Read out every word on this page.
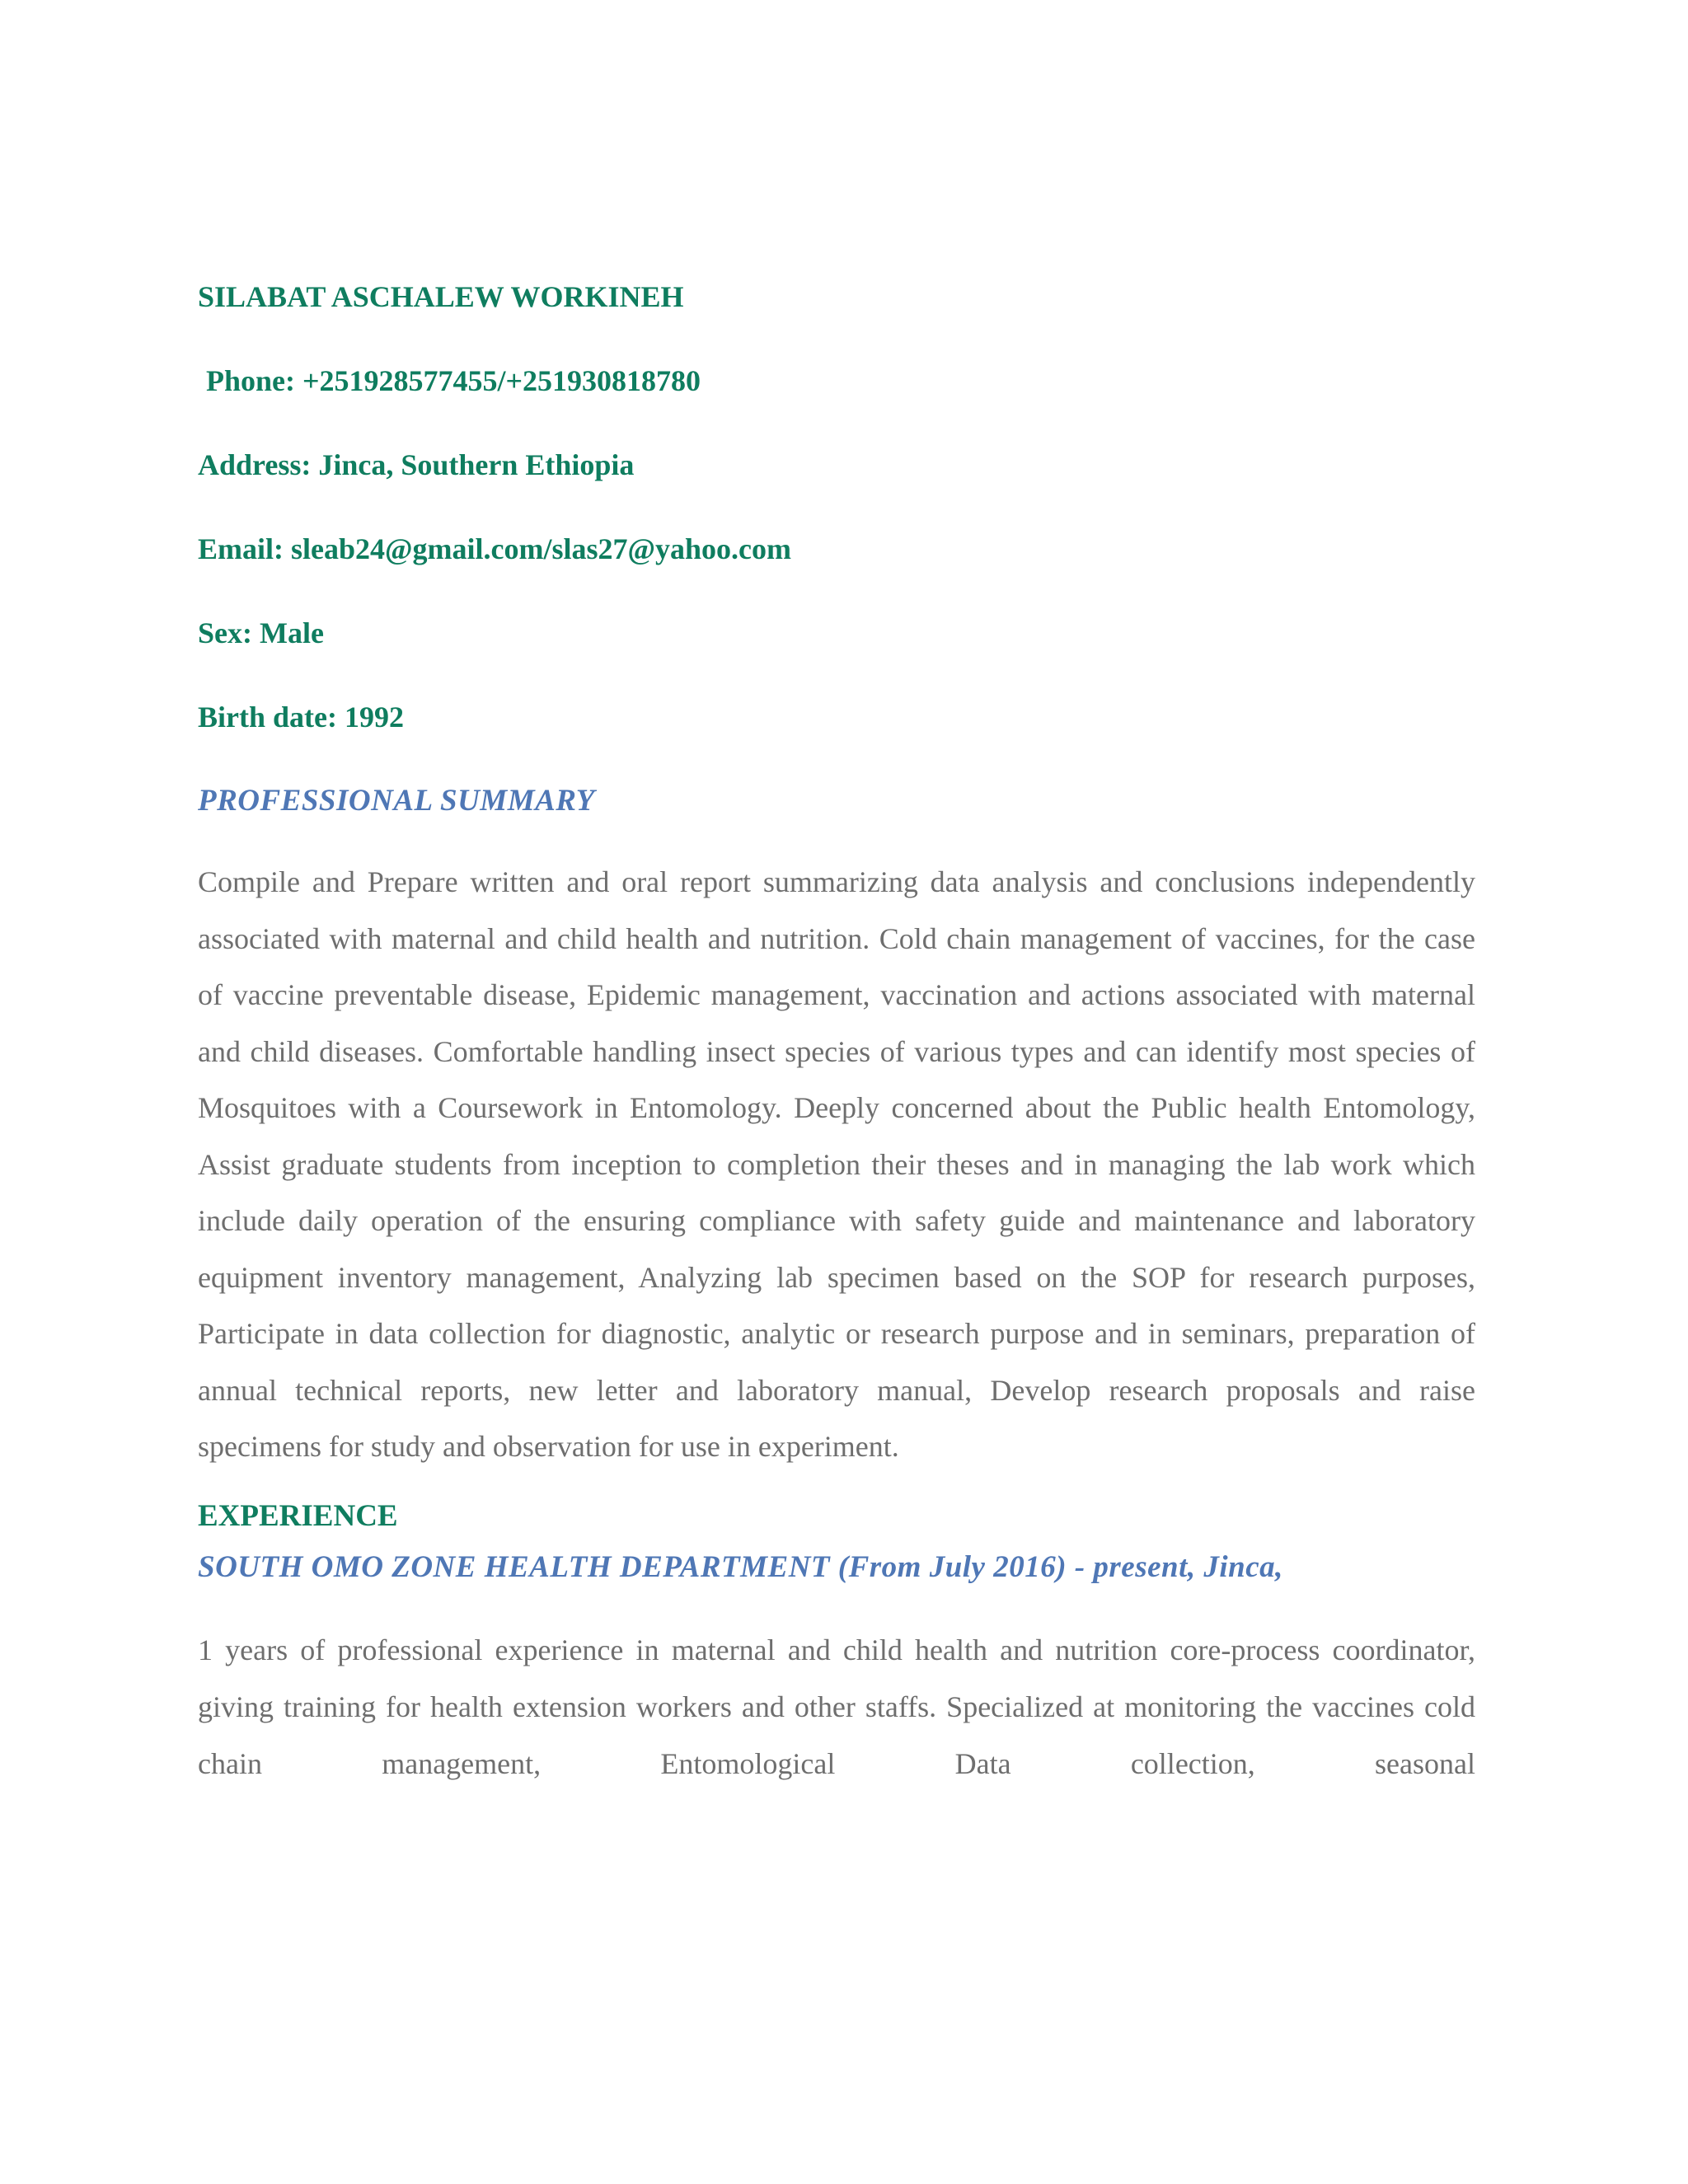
SILABAT ASCHALEW WORKINEH
Phone: +251928577455/+251930818780
Address: Jinca, Southern Ethiopia
Email: sleab24@gmail.com/slas27@yahoo.com
Sex: Male
Birth date: 1992
PROFESSIONAL SUMMARY

Compile and Prepare written and oral report summarizing data analysis and conclusions independently associated with maternal and child health and nutrition. Cold chain management of vaccines, for the case of vaccine preventable disease, Epidemic management, vaccination and actions associated with maternal and child diseases. Comfortable handling insect species of various types and can identify most species of Mosquitoes with a Coursework in Entomology. Deeply concerned about the Public health Entomology, Assist graduate students from inception to completion their theses and in managing the lab work which include daily operation of the ensuring compliance with safety guide and maintenance and laboratory equipment inventory management, Analyzing lab specimen based on the SOP for research purposes, Participate in data collection for diagnostic, analytic or research purpose and in seminars, preparation of annual technical reports, new letter and laboratory manual, Develop research proposals and raise specimens for study and observation for use in experiment.

EXPERIENCE
SOUTH OMO ZONE HEALTH DEPARTMENT (From July 2016) - present, Jinca,

1 years of professional experience in maternal and child health and nutrition core-process coordinator, giving training for health extension workers and other staffs. Specialized at monitoring the vaccines cold chain management, Entomological Data collection, seasonal
